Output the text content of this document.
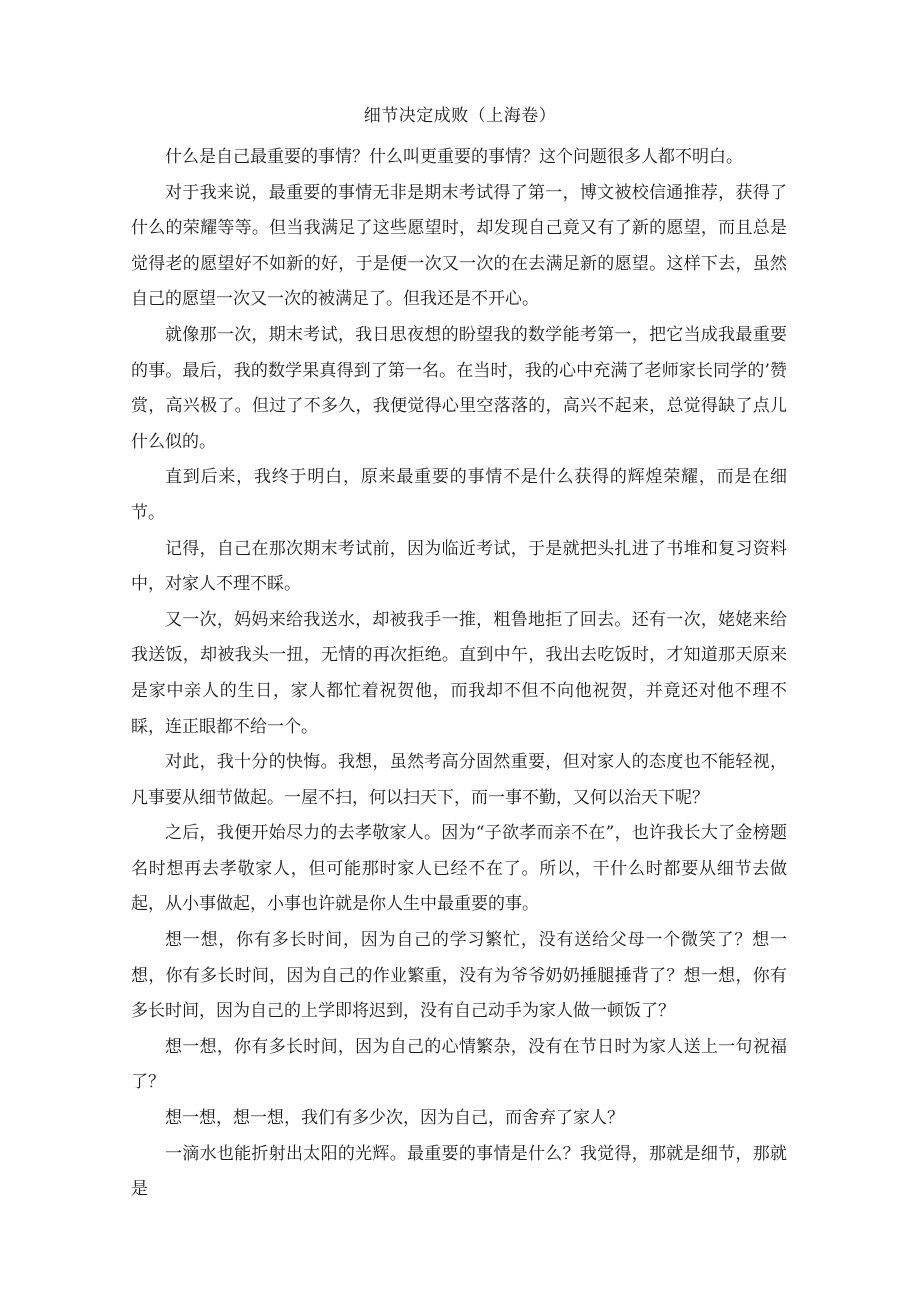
细节决定成败（上海卷）

什么是自己最重要的事情？什么叫更重要的事情？这个问题很多人都不明白。

对于我来说，最重要的事情无非是期末考试得了第一，博文被校信通推荐，获得了什么的荣耀等等。但当我满足了这些愿望时，却发现自己竟又有了新的愿望，而且总是觉得老的愿望好不如新的好，于是便一次又一次的在去满足新的愿望。这样下去，虽然自己的愿望一次又一次的被满足了。但我还是不开心。

就像那一次，期末考试，我日思夜想的盼望我的数学能考第一，把它当成我最重要的事。最后，我的数学果真得到了第一名。在当时，我的心中充满了老师家长同学的’赞赏，高兴极了。但过了不多久，我便觉得心里空落落的，高兴不起来，总觉得缺了点儿什么似的。

直到后来，我终于明白，原来最重要的事情不是什么获得的辉煌荣耀，而是在细节。

记得，自己在那次期末考试前，因为临近考试，于是就把头扎进了书堆和复习资料中，对家人不理不睬。

又一次，妈妈来给我送水，却被我手一推，粗鲁地拒了回去。还有一次，姥姥来给我送饭，却被我头一扭，无情的再次拒绝。直到中午，我出去吃饭时，才知道那天原来是家中亲人的生日，家人都忙着祝贺他，而我却不但不向他祝贺，并竟还对他不理不睬，连正眼都不给一个。

对此，我十分的快悔。我想，虽然考高分固然重要，但对家人的态度也不能轻视，凡事要从细节做起。一屋不扫，何以扫天下，而一事不勤，又何以治天下呢？

之后，我便开始尽力的去孝敬家人。因为“子欲孝而亲不在”，也许我长大了金榜题名时想再去孝敬家人，但可能那时家人已经不在了。所以，干什么时都要从细节去做起，从小事做起，小事也许就是你人生中最重要的事。

想一想，你有多长时间，因为自己的学习繁忙，没有送给父母一个微笑了？想一想，你有多长时间，因为自己的作业繁重，没有为爷爷奶奶捶腿捶背了？想一想，你有多长时间，因为自己的上学即将迟到，没有自己动手为家人做一顿饭了？

想一想，你有多长时间，因为自己的心情繁杂，没有在节日时为家人送上一句祝福了？

想一想，想一想，我们有多少次，因为自己，而舍弃了家人？

一滴水也能折射出太阳的光辉。最重要的事情是什么？我觉得，那就是细节，那就是
